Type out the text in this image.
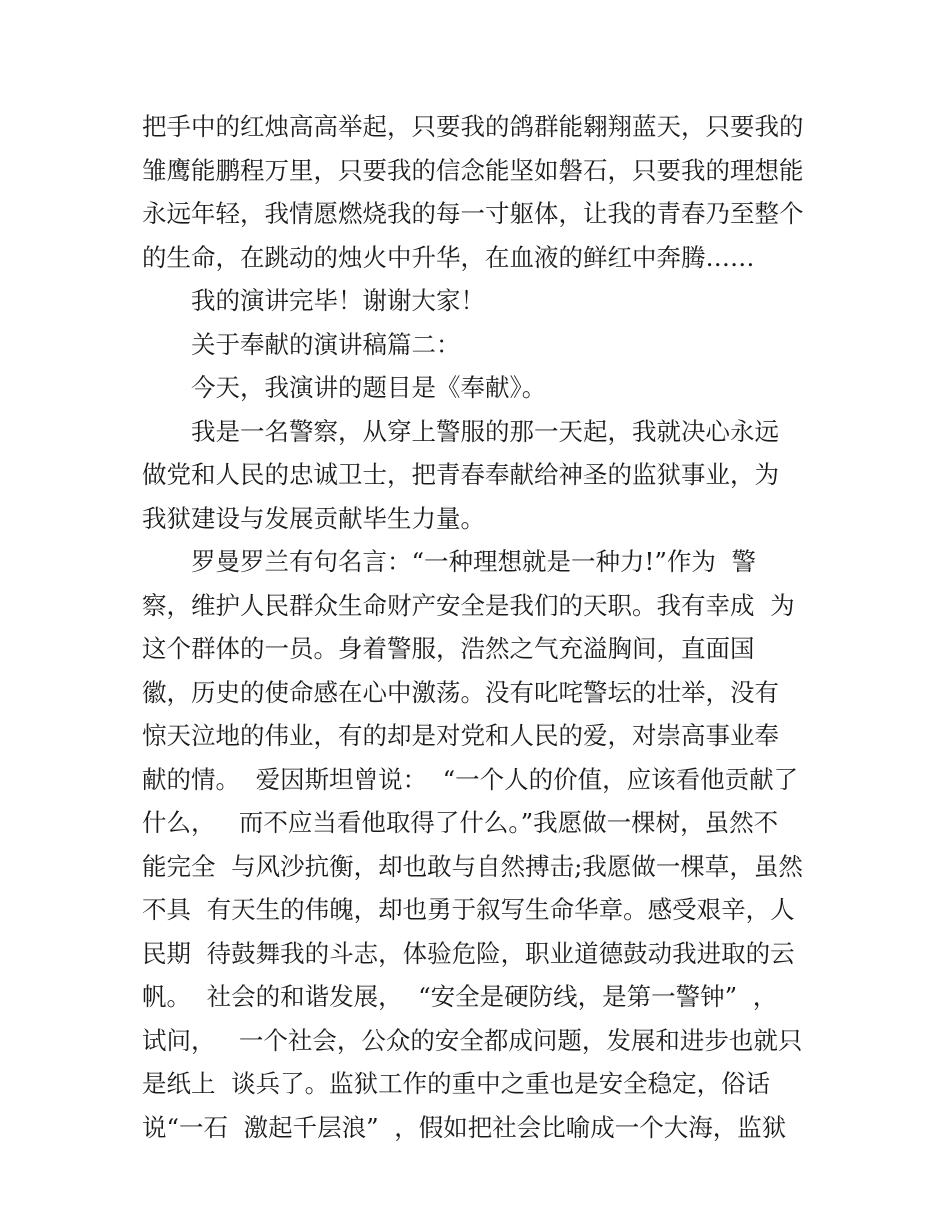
把手中的红烛高高举起，只要我的鸽群能翱翔蓝天，只要我的
雏鹰能鹏程万里，只要我的信念能坚如磐石，只要我的理想能
永远年轻，我情愿燃烧我的每一寸躯体，让我的青春乃至整个
的生命，在跳动的烛火中升华，在血液的鲜红中奔腾……
我的演讲完毕！谢谢大家！
关于奉献的演讲稿篇二：
今天，我演讲的题目是《奉献》。
我是一名警察，从穿上警服的那一天起，我就决心永远
做党和人民的忠诚卫士，把青春奉献给神圣的监狱事业，为
我狱建设与发展贡献毕生力量。
罗曼罗兰有句名言：“一种理想就是一种力!”作为  警
察，维护人民群众生命财产安全是我们的天职。我有幸成  为
这个群体的一员。身着警服，浩然之气充溢胸间，直面国
徽，历史的使命感在心中激荡。没有叱咤警坛的壮举，没有
惊天泣地的伟业，有的却是对党和人民的爱，对崇高事业奉
献的情。  爱因斯坦曾说：  “一个人的价值，应该看他贡献了
什么，   而不应当看他取得了什么。”我愿做一棵树，虽然不
能完全  与风沙抗衡，却也敢与自然搏击;我愿做一棵草，虽然
不具  有天生的伟魄，却也勇于叙写生命华章。感受艰辛，人
民期  待鼓舞我的斗志，体验危险，职业道德鼓动我进取的云
帆。  社会的和谐发展，  “安全是硬防线，是第一警钟”  ，
试问，   一个社会，公众的安全都成问题，发展和进步也就只
是纸上  谈兵了。监狱工作的重中之重也是安全稳定，俗话
说“一石  激起千层浪”  ，假如把社会比喻成一个大海，监狱
